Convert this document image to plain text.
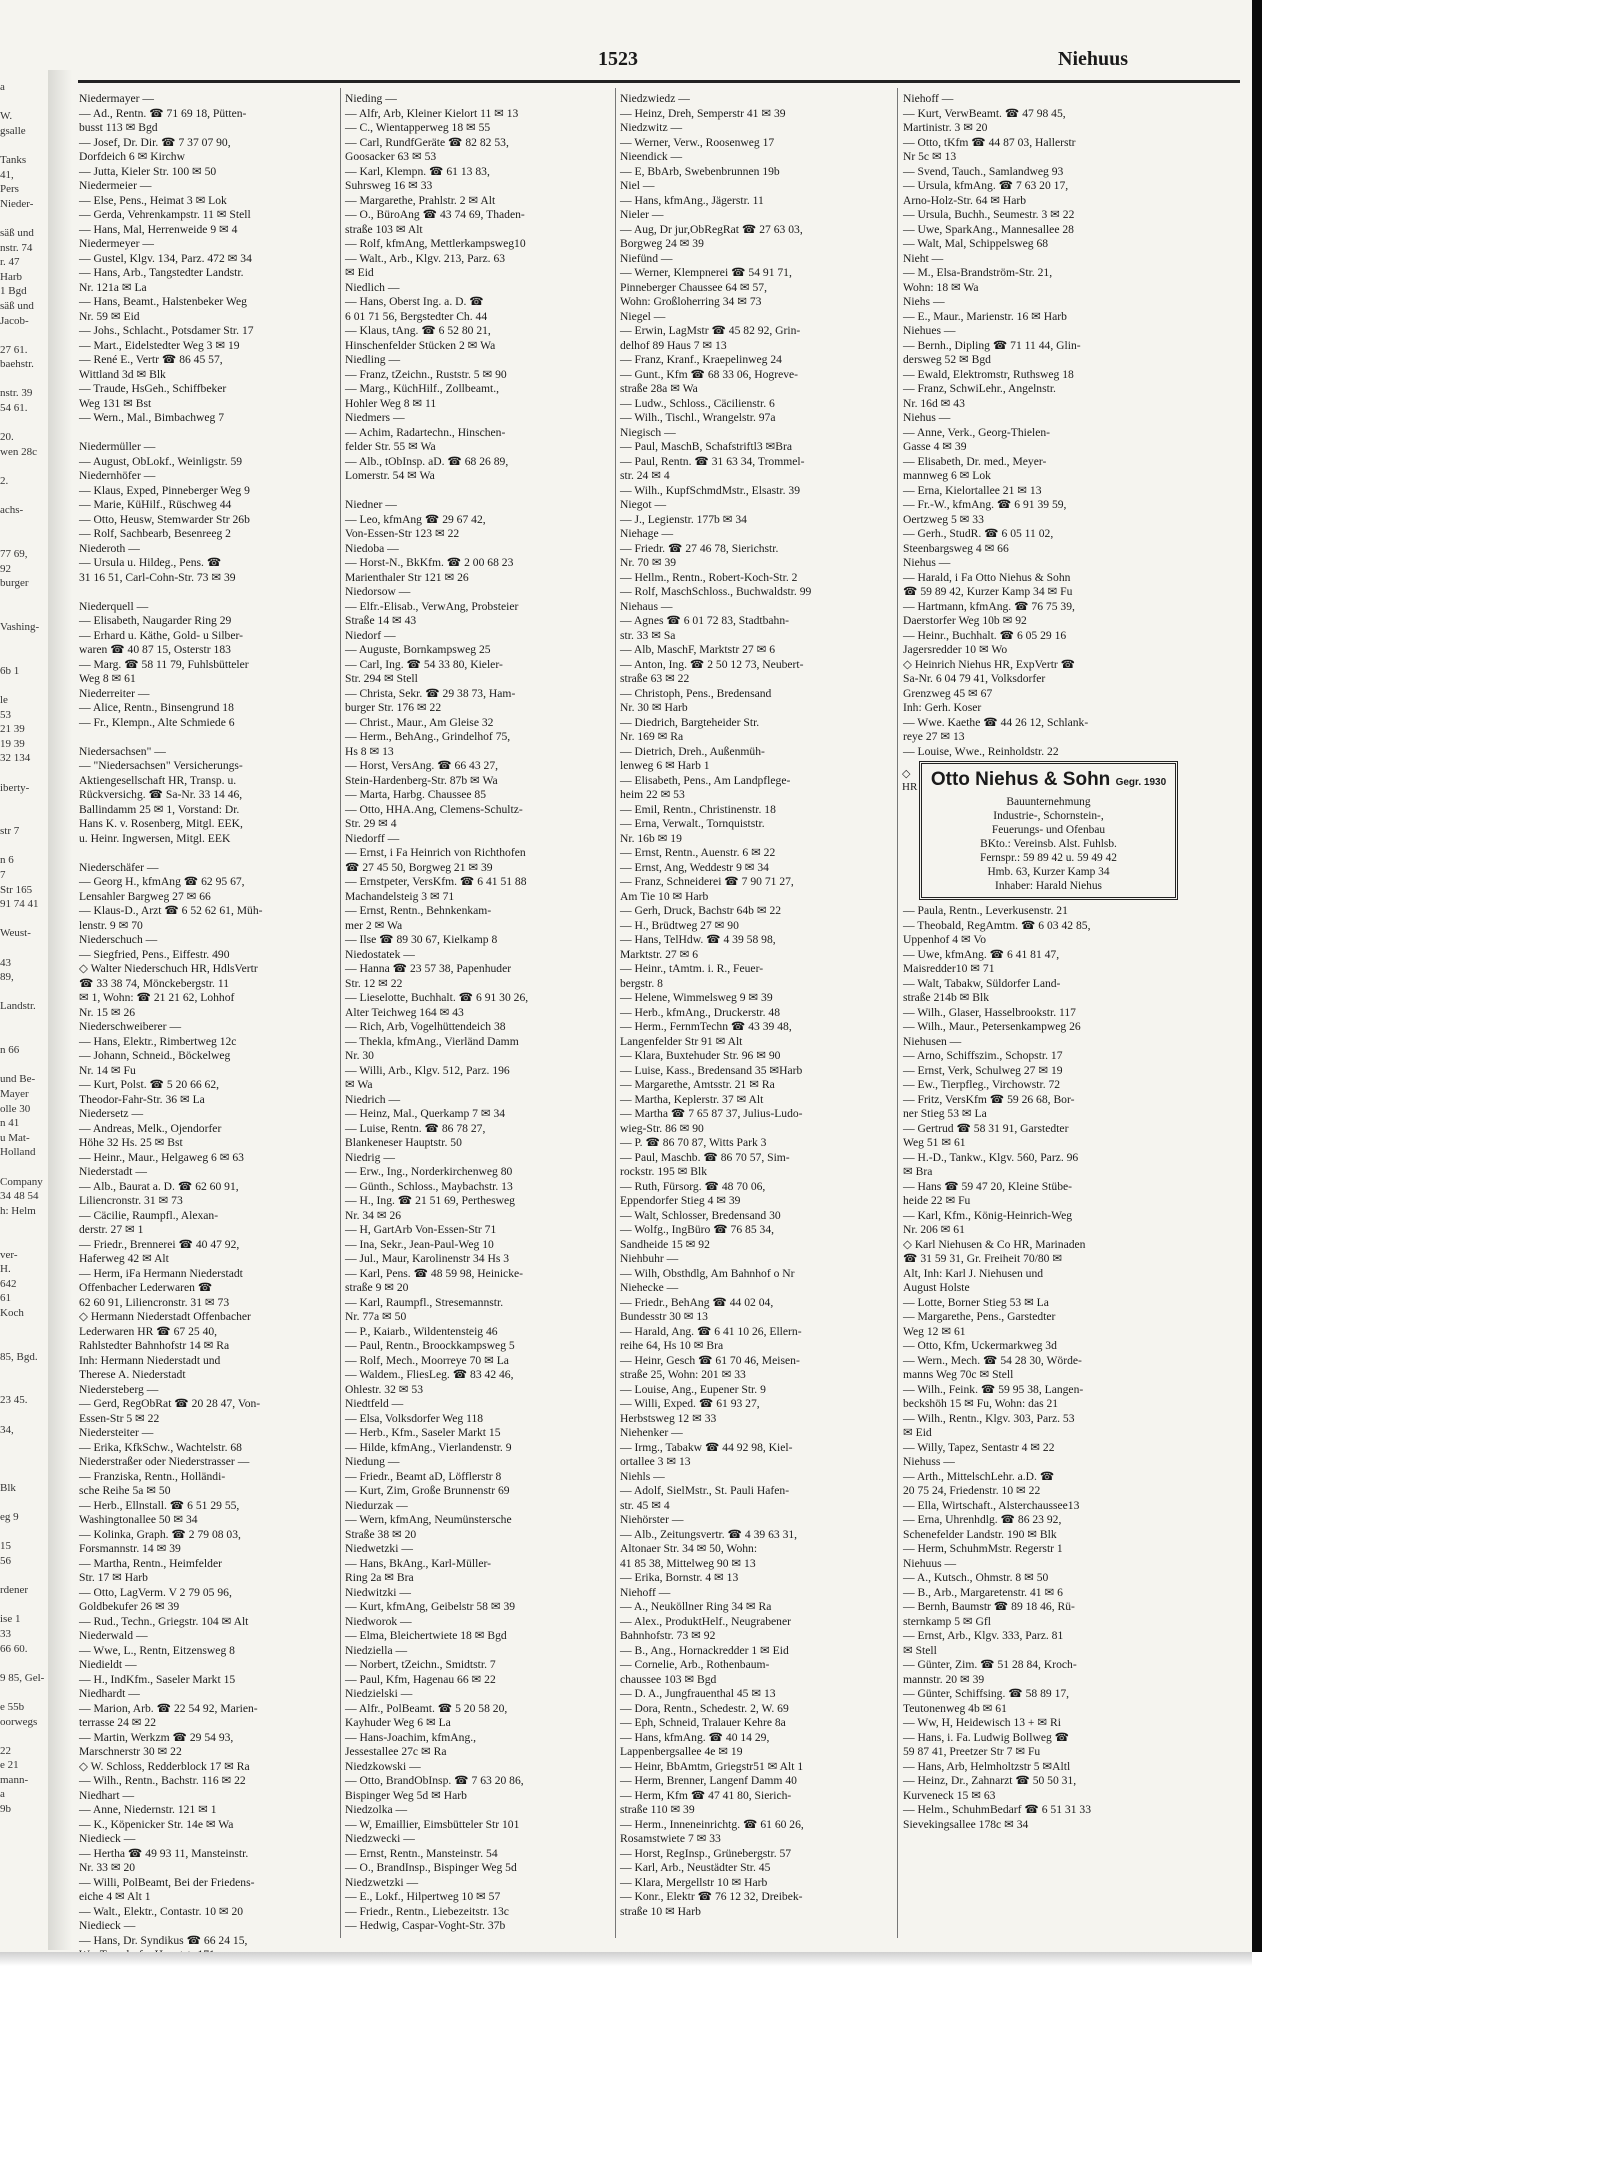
a

W.
gsalle

Tanks
41,
Pers
Nieder-

säß und
nstr. 74
r. 47
Harb
1 Bgd
säß und
Jacob-

27 61.
baehstr.

nstr. 39
54 61.

20.
wen 28c

2.

achs-

77 69,
92
burger

Vashing-

6b 1

le
53
21 39
19 39
32 134

iberty-

str 7

n 6
7
Str 165
91 74 41

Weust-

43
89,

Landstr.

n 66

und Be-
Mayer
olle 30
n 41
u Mat-
Holland

Company
34 48 54
h: Helm

ver-
H.
642
61
Koch

85, Bgd.

23 45.

34,

Blk

eg 9

15
56

rdener

ise 1
33
66 60.

9 85, Gel-

e 55b
oorwegs

22
e 21
mann-
a
9b
1523	Niehuus
Niedermayer —
— Ad., Rentn. ☎ 71 69 18, Pütten-
busst 113 ✉ Bgd
— Josef, Dr. Dir. ☎ 7 37 07 90,
Dorfdeich 6 ✉ Kirchw
— Jutta, Kieler Str. 100 ✉ 50
Niedermeier —
— Else, Pens., Heimat 3 ✉ Lok
— Gerda, Vehrenkampstr. 11 ✉ Stell
— Hans, Mal, Herrenweide 9 ✉ 4
Niedermeyer —
— Gustel, Klgv. 134, Parz. 472 ✉ 34
— Hans, Arb., Tangstedter Landstr.
Nr. 121a ✉ La
— Hans, Beamt., Halstenbeker Weg
Nr. 59 ✉ Eid
— Johs., Schlacht., Potsdamer Str. 17
— Mart., Eidelstedter Weg 3 ✉ 19
— René E., Vertr ☎ 86 45 57,
Wittland 3d ✉ Blk
— Traude, HsGeh., Schiffbeker
Weg 131 ✉ Bst
— Wern., Mal., Bimbachweg 7

Niedermüller —
— August, ObLokf., Weinligstr. 59
Niedernhöfer —
— Klaus, Exped, Pinneberger Weg 9
— Marie, KüHilf., Rüschweg 44
— Otto, Heusw, Stemwarder Str 26b
— Rolf, Sachbearb, Besenreeg 2
Niederoth —
— Ursula u. Hildeg., Pens. ☎
31 16 51, Carl-Cohn-Str. 73 ✉ 39

Niederquell —
— Elisabeth, Naugarder Ring 29
— Erhard u. Käthe, Gold- u Silber-
waren ☎ 40 87 15, Osterstr 183
— Marg. ☎ 58 11 79, Fuhlsbütteler
Weg 8 ✉ 61
Niederreiter —
— Alice, Rentn., Binsengrund 18
— Fr., Klempn., Alte Schmiede 6

Niedersachsen" —
— "Niedersachsen" Versicherungs-
Aktiengesellschaft HR, Transp. u.
Rückversichg. ☎ Sa-Nr. 33 14 46,
Ballindamm 25 ✉ 1, Vorstand: Dr.
Hans K. v. Rosenberg, Mitgl. EEK,
u. Heinr. Ingwersen, Mitgl. EEK

Niederschäfer —
— Georg H., kfmAng ☎ 62 95 67,
Lensahler Bargweg 27 ✉ 66
— Klaus-D., Arzt ☎ 6 52 62 61, Müh-
lenstr. 9 ✉ 70
Niederschuch —
— Siegfried, Pens., Eiffestr. 490
◇ Walter Niederschuch HR, HdlsVertr
☎ 33 38 74, Mönckebergstr. 11
✉ 1, Wohn: ☎ 21 21 62, Lohhof
Nr. 15 ✉ 26
Niederschweiberer —
— Hans, Elektr., Rimbertweg 12c
— Johann, Schneid., Böckelweg
Nr. 14 ✉ Fu
— Kurt, Polst. ☎ 5 20 66 62,
Theodor-Fahr-Str. 36 ✉ La
Niedersetz —
— Andreas, Melk., Ojendorfer
Höhe 32 Hs. 25 ✉ Bst
— Heinr., Maur., Helgaweg 6 ✉ 63
Niederstadt —
— Alb., Baurat a. D. ☎ 62 60 91,
Liliencronstr. 31 ✉ 73
— Cäcilie, Raumpfl., Alexan-
derstr. 27 ✉ 1
— Friedr., Brennerei ☎ 40 47 92,
Haferweg 42 ✉ Alt
— Herm, iFa Hermann Niederstadt
Offenbacher Lederwaren ☎
62 60 91, Liliencronstr. 31 ✉ 73
◇ Hermann Niederstadt Offenbacher
Lederwaren HR ☎ 67 25 40,
Rahlstedter Bahnhofstr 14 ✉ Ra
Inh: Hermann Niederstadt und
Therese A. Niederstadt
Niedersteberg —
— Gerd, RegObRat ☎ 20 28 47, Von-
Essen-Str 5 ✉ 22
Niedersteiter —
— Erika, KfkSchw., Wachtelstr. 68
Niederstraßer oder Niederstrasser —
— Franziska, Rentn., Holländi-
sche Reihe 5a ✉ 50
— Herb., Ellnstall. ☎ 6 51 29 55,
Washingtonallee 50 ✉ 34
— Kolinka, Graph. ☎ 2 79 08 03,
Forsmannstr. 14 ✉ 39
— Martha, Rentn., Heimfelder
Str. 17 ✉ Harb
— Otto, LagVerm. V 2 79 05 96,
Goldbekufer 26 ✉ 39
— Rud., Techn., Griegstr. 104 ✉ Alt
Niederwald —
— Wwe, L., Rentn, Eitzensweg 8
Niedieldt —
— H., IndKfm., Saseler Markt 15
Niedhardt —
— Marion, Arb. ☎ 22 54 92, Marien-
terrasse 24 ✉ 22
— Martin, Werkzm ☎ 29 54 93,
Marschnerstr 30 ✉ 22
◇ W. Schloss, Redderblock 17 ✉ Ra
— Wilh., Rentn., Bachstr. 116 ✉ 22
Niedhart —
— Anne, Niedernstr. 121 ✉ 1
— K., Köpenicker Str. 14e ✉ Wa
Niedieck —
— Hertha ☎ 49 93 11, Mansteinstr.
Nr. 33 ✉ 20
— Willi, PolBeamt, Bei der Friedens-
eiche 4 ✉ Alt 1
— Walt., Elektr., Contastr. 10 ✉ 20
Niedieck —
— Hans, Dr. Syndikus ☎ 66 24 15,
Nieding —
— Alfr, Arb, Kleiner Kielort 11 ✉ 13
— C., Wientapperweg 18 ✉ 55
— Carl, RundfGeräte ☎ 82 82 53,
Goosacker 63 ✉ 53
— Karl, Klempn. ☎ 61 13 83,
Suhrsweg 16 ✉ 33
— Margarethe, Prahlstr. 2 ✉ Alt
— O., BüroAng ☎ 43 74 69, Thaden-
straße 103 ✉ Alt
— Rolf, kfmAng, Mettlerkampsweg10
— Walt., Arb., Klgv. 213, Parz. 63
✉ Eid
Niedlich —
— Hans, Oberst Ing. a. D. ☎
6 01 71 56, Bergstedter Ch. 44
— Klaus, tAng. ☎ 6 52 80 21,
Hinschenfelder Stücken 2 ✉ Wa
Niedling —
— Franz, tZeichn., Ruststr. 5 ✉ 90
— Marg., KüchHilf., Zollbeamt.,
Hohler Weg 8 ✉ 11
Niedmers —
— Achim, Radartechn., Hinschen-
felder Str. 55 ✉ Wa
— Alb., tObInsp. aD. ☎ 68 26 89,
Lomerstr. 54 ✉ Wa

Niedner —
— Leo, kfmAng ☎ 29 67 42,
Von-Essen-Str 123 ✉ 22
Niedoba —
— Horst-N., BkKfm. ☎ 2 00 68 23
Marienthaler Str 121 ✉ 26
Niedorsow —
— Elfr.-Elisab., VerwAng, Probsteier
Straße 14 ✉ 43
Niedorf —
— Auguste, Bornkampsweg 25
— Carl, Ing. ☎ 54 33 80, Kieler-
Str. 294 ✉ Stell
— Christa, Sekr. ☎ 29 38 73, Ham-
burger Str. 176 ✉ 22
— Christ., Maur., Am Gleise 32
— Herm., BehAng., Grindelhof 75,
Hs 8 ✉ 13
— Horst, VersAng. ☎ 66 43 27,
Stein-Hardenberg-Str. 87b ✉ Wa
— Marta, Harbg. Chaussee 85
— Otto, HHA.Ang, Clemens-Schultz-
Str. 29 ✉ 4
Niedorff —
— Ernst, i Fa Heinrich von Richthofen
☎ 27 45 50, Borgweg 21 ✉ 39
— Ernstpeter, VersKfm. ☎ 6 41 51 88
Machandelsteig 3 ✉ 71
— Ernst, Rentn., Behnkenkam-
mer 2 ✉ Wa
— Ilse ☎ 89 30 67, Kielkamp 8
Niedostatek —
— Hanna ☎ 23 57 38, Papenhuder
Str. 12 ✉ 22
— Lieselotte, Buchhalt. ☎ 6 91 30 26,
Alter Teichweg 164 ✉ 43
— Rich, Arb, Vogelhüttendeich 38
— Thekla, kfmAng., Vierländ Damm
Nr. 30
— Willi, Arb., Klgv. 512, Parz. 196
✉ Wa
Niedrich —
— Heinz, Mal., Querkamp 7 ✉ 34
— Luise, Rentn. ☎ 86 78 27,
Blankeneser Hauptstr. 50
Niedrig —
— Erw., Ing., Norderkirchenweg 80
— Günth., Schloss., Maybachstr. 13
— H., Ing. ☎ 21 51 69, Pertheswеg
Nr. 34 ✉ 26
— H, GartArb Von-Essen-Str 71
— Ina, Sekr., Jean-Paul-Weg 10
— Jul., Maur, Karolinenstr 34 Hs 3
— Karl, Pens. ☎ 48 59 98, Heinicke-
straße 9 ✉ 20
— Karl, Raumpfl., Stresemannstr.
Nr. 77a ✉ 50
— P., Kaiarb., Wildentensteig 46
— Paul, Rentn., Broockkampsweg 5
— Rolf, Mech., Moorreye 70 ✉ La
— Waldem., FliesLeg. ☎ 83 42 46,
Ohlestr. 32 ✉ 53
Niedtfeld —
— Elsa, Volksdorfer Weg 118
— Herb., Kfm., Saseler Markt 15
— Hilde, kfmAng., Vierlandenstr. 9
Niedung —
— Friedr., Beamt aD, Löfflerstr 8
— Kurt, Zim, Große Brunnenstr 69
Niedurzak —
— Wern, kfmAng, Neumünstersche
Straße 38 ✉ 20
Niedwetzki —
— Hans, BkAng., Karl-Müller-
Ring 2a ✉ Bra
Niedwitzki —
— Kurt, kfmAng, Geibelstr 58 ✉ 39
Niedworok —
— Elma, Bleichertwiete 18 ✉ Bgd
Niedziella —
— Norbert, tZeichn., Smidtstr. 7
— Paul, Kfm, Hagenau 66 ✉ 22
Niedzielski —
— Alfr., PolBeamt. ☎ 5 20 58 20,
Kayhuder Weg 6 ✉ La
— Hans-Joachim, kfmAng.,
Jessestallee 27c ✉ Ra
Niedzkowski —
— Otto, BrandObInsp. ☎ 7 63 20 86,
Bispinger Weg 5d ✉ Harb
Niedzolka —
— W, Emaillier, Eimsbütteler Str 101
Niedzwecki —
— Ernst, Rentn., Mansteinstr. 54
— O., BrandInsp., Bispinger Weg 5d
Niedzwetzki —
— E., Lokf., Hilpertweg 10 ✉ 57
— Friedr., Rentn., Liebezeitstr. 13c
— Hedwig, Caspar-Voght-Str. 37b
Niedzwiedz —
— Heinz, Dreh, Semperstr 41 ✉ 39
Niedzwitz —
— Werner, Verw., Roosenweg 17
Nieendick —
— E, BbArb, Swebenbrunnen 19b
Niel —
— Hans, kfmAng., Jägerstr. 11
Nieler —
— Aug, Dr jur,ObRegRat ☎ 27 63 03,
Borgweg 24 ✉ 39
Niefünd —
— Werner, Klempnerei ☎ 54 91 71,
Pinneberger Chaussee 64 ✉ 57,
Wohn: Großloherring 34 ✉ 73
Niegel —
— Erwin, LagMstr ☎ 45 82 92, Grin-
delhof 89 Haus 7 ✉ 13
— Franz, Kranf., Kraepelinweg 24
— Gunt., Kfm ☎ 68 33 06, Hogreve-
straße 28a ✉ Wa
— Ludw., Schloss., Cäcilienstr. 6
— Wilh., Tischl., Wrangelstr. 97a
Niegisch —
— Paul, MaschB, Schafstriftl3 ✉Bra
— Paul, Rentn. ☎ 31 63 34, Trommel-
str. 24 ✉ 4
— Wilh., KupfSchmdMstr., Elsastr. 39
Niegot —
— J., Legienstr. 177b ✉ 34
Niehage —
— Friedr. ☎ 27 46 78, Sierichstr.
Nr. 70 ✉ 39
— Hellm., Rentn., Robert-Koch-Str. 2
— Rolf, MaschSchloss., Buchwaldstr. 99
Niehaus —
— Agnes ☎ 6 01 72 83, Stadtbahn-
str. 33 ✉ Sa
— Alb, MaschF, Marktstr 27 ✉ 6
— Anton, Ing. ☎ 2 50 12 73, Neubert-
straße 63 ✉ 22
— Christoph, Pens., Bredensand
Nr. 30 ✉ Harb
— Diedrich, Bargteheider Str.
Nr. 169 ✉ Ra
— Dietrich, Dreh., Außenmüh-
lenweg 6 ✉ Harb 1
— Elisabeth, Pens., Am Landpflege-
heim 22 ✉ 53
— Emil, Rentn., Christinenstr. 18
— Erna, Verwalt., Tornquiststr.
Nr. 16b ✉ 19
— Ernst, Rentn., Auenstr. 6 ✉ 22
— Ernst, Ang, Weddestr 9 ✉ 34
— Franz, Schneiderei ☎ 7 90 71 27,
Am Tie 10 ✉ Harb
— Gerh, Druck, Bachstr 64b ✉ 22
— H., Brüdtweg 27 ✉ 90
— Hans, TelHdw. ☎ 4 39 58 98,
Marktstr. 27 ✉ 6
— Heinr., tAmtm. i. R., Feuer-
bergstr. 8
— Helene, Wimmelsweg 9 ✉ 39
— Herb., kfmAng., Druckerstr. 48
— Herm., FernmTechn ☎ 43 39 48,
Langenfelder Str 91 ✉ Alt
— Klara, Buxtehuder Str. 96 ✉ 90
— Luise, Kass., Bredensand 35 ✉Harb
— Margarethe, Amtsstr. 21 ✉ Ra
— Martha, Keplerstr. 37 ✉ Alt
— Martha ☎ 7 65 87 37, Julius-Ludo-
wieg-Str. 86 ✉ 90
— P. ☎ 86 70 87, Witts Park 3
— Paul, Maschb. ☎ 86 70 57, Sim-
rockstr. 195 ✉ Blk
— Ruth, Fürsorg. ☎ 48 70 06,
Eppendorfer Stieg 4 ✉ 39
— Walt, Schlosser, Bredensand 30
— Wolfg., IngBüro ☎ 76 85 34,
Sandheide 15 ✉ 92
Niehbuhr —
— Wilh, Obsthdlg, Am Bahnhof o Nr
Niehecke —
— Friedr., BehAng ☎ 44 02 04,
Bundesstr 30 ✉ 13
— Harald, Ang. ☎ 6 41 10 26, Ellern-
reihe 64, Hs 10 ✉ Bra
— Heinr, Gesch ☎ 61 70 46, Meisen-
straße 25, Wohn: 201 ✉ 33
— Louise, Ang., Eupener Str. 9
— Willi, Exped. ☎ 61 93 27,
Herbstsweg 12 ✉ 33
Niehenker —
— Irmg., Tabakw ☎ 44 92 98, Kiel-
ortallee 3 ✉ 13
Niehls —
— Adolf, SielMstr., St. Pauli Hafen-
str. 45 ✉ 4
Niehörster —
— Alb., Zeitungsvertr. ☎ 4 39 63 31,
Altonaer Str. 34 ✉ 50, Wohn:
41 85 38, Mittelweg 90 ✉ 13
— Erika, Bornstr. 4 ✉ 13
Niehoff —
— A., Neuköllner Ring 34 ✉ Ra
— Alex., ProduktHelf., Neugrabener
Bahnhofstr. 73 ✉ 92
— B., Ang., Hornackredder 1 ✉ Eid
— Cornelie, Arb., Rothenbaum-
chaussee 103 ✉ Bgd
— D. A., Jungfrauenthal 45 ✉ 13
— Dora, Rentn., Schedestr. 2, W. 69
— Eph, Schneid, Tralauer Kehre 8a
— Hans, kfmAng. ☎ 40 14 29,
Lappenbergsallee 4e ✉ 19
— Heinr, BbAmtm, Griegstr51 ✉ Alt 1
— Herm, Brenner, Langenf Damm 40
— Herm, Kfm ☎ 47 41 80, Sierich-
straße 110 ✉ 39
— Herm., Inneneinrichtg. ☎ 61 60 26,
Rosamstwiete 7 ✉ 33
— Horst, RegInsp., Grünebergstr. 57
— Karl, Arb., Neustädter Str. 45
— Klara, Mergellstr 10 ✉ Harb
— Konr., Elektr ☎ 76 12 32, Dreibek-
straße 10 ✉ Harb
Niehoff —
— Kurt, VerwBeamt. ☎ 47 98 45,
Martinistr. 3 ✉ 20
— Otto, tKfm ☎ 44 87 03, Hallerstr
Nr 5c ✉ 13
— Svend, Tauch., Samlandweg 93
— Ursula, kfmAng. ☎ 7 63 20 17,
Arno-Holz-Str. 64 ✉ Harb
— Ursula, Buchh., Seumestr. 3 ✉ 22
— Uwe, SparkAng., Mannesallee 28
— Walt, Mal, Schippelsweg 68
Nieht —
— M., Elsa-Brandström-Str. 21,
Wohn: 18 ✉ Wa
Niehs —
— E., Maur., Marienstr. 16 ✉ Harb
Niehues —
— Bernh., Dipling ☎ 71 11 44, Glin-
dersweg 52 ✉ Bgd
— Ewald, Elektromstr, Ruthsweg 18
— Franz, SchwiLehr., Angelnstr.
Nr. 16d ✉ 43
Niehus —
— Anne, Verk., Georg-Thielen-
Gasse 4 ✉ 39
— Elisabeth, Dr. med., Meyer-
mannweg 6 ✉ Lok
— Erna, Kielortallee 21 ✉ 13
— Fr.-W., kfmAng. ☎ 6 91 39 59,
Oertzweg 5 ✉ 33
— Gerh., StudR. ☎ 6 05 11 02,
Steenbargsweg 4 ✉ 66
Niehus —
— Harald, i Fa Otto Niehus & Sohn
☎ 59 89 42, Kurzer Kamp 34 ✉ Fu
— Hartmann, kfmAng. ☎ 76 75 39,
Daerstorfer Weg 10b ✉ 92
— Heinr., Buchhalt. ☎ 6 05 29 16
Jagersredder 10 ✉ Wo
◇ Heinrich Niehus HR, ExpVertr ☎
Sa-Nr. 6 04 79 41, Volksdorfer
Grenzweg 45 ✉ 67
Inh: Gerh. Koser
— Wwe. Kaethe ☎ 44 26 12, Schlank-
reye 27 ✉ 13
— Louise, Wwe., Reinholdstr. 22
◇
HR Otto Niehus & Sohn Gegr. 1930
Bauunternehmung
Industrie-, Schornstein-,
Feuerungs- und Ofenbau
BKto.: Vereinsb. Alst. Fuhlsb.
Fernspr.: 59 89 42 u. 59 49 42
Hmb. 63, Kurzer Kamp 34
Inhaber: Harald Niehus
— Paula, Rentn., Leverkusenstr. 21
— Theobald, RegAmtm. ☎ 6 03 42 85,
Uppenhof 4 ✉ Vo
— Uwe, kfmAng. ☎ 6 41 81 47,
Maisredder10 ✉ 71
— Walt, Tabakw, Süldorfer Land-
straße 214b ✉ Blk
— Wilh., Glaser, Hasselbrookstr. 117
— Wilh., Maur., Petersenkampweg 26
Niehusen —
— Arno, Schiffszim., Schopstr. 17
— Ernst, Verk, Schulweg 27 ✉ 19
— Ew., Tierpfleg., Virchowstr. 72
— Fritz, VersKfm ☎ 59 26 68, Bor-
ner Stieg 53 ✉ La
— Gertrud ☎ 58 31 91, Garstedter
Weg 51 ✉ 61
— H.-D., Tankw., Klgv. 560, Parz. 96
✉ Bra
— Hans ☎ 59 47 20, Kleine Stübe-
heide 22 ✉ Fu
— Karl, Kfm., König-Heinrich-Weg
Nr. 206 ✉ 61
◇ Karl Niehusen & Co HR, Marinaden
☎ 31 59 31, Gr. Freiheit 70/80 ✉
Alt, Inh: Karl J. Niehusen und
August Holste
— Lotte, Borner Stieg 53 ✉ La
— Margarethe, Pens., Garstedter
Weg 12 ✉ 61
— Otto, Kfm, Uckermarkweg 3d
— Wern., Mech. ☎ 54 28 30, Wörde-
manns Weg 70c ✉ Stell
— Wilh., Feink. ☎ 59 95 38, Langen-
beckshöh 15 ✉ Fu, Wohn: das 21
— Wilh., Rentn., Klgv. 303, Parz. 53
✉ Eid
— Willy, Tapez, Sentastr 4 ✉ 22
Niehuss —
— Arth., MittelschLehr. a.D. ☎
20 75 24, Friedenstr. 10 ✉ 22
— Ella, Wirtschaft., Alsterchaussee13
— Erna, Uhrenhdlg. ☎ 86 23 92,
Schenefelder Landstr. 190 ✉ Blk
— Herm, SchuhmMstr. Regerstr 1
Niehuus —
— A., Kutsch., Ohmstr. 8 ✉ 50
— B., Arb., Margaretenstr. 41 ✉ 6
— Bernh, Baumstr ☎ 89 18 46, Rü-
sternkamp 5 ✉ Gfl
— Ernst, Arb., Klgv. 333, Parz. 81
✉ Stell
— Günter, Zim. ☎ 51 28 84, Kroch-
mannstr. 20 ✉ 39
— Günter, Schiffsing. ☎ 58 89 17,
Teutonenweg 4b ✉ 61
— Ww, H, Heidewisch 13 + ✉ Ri
— Hans, i. Fa. Ludwig Bollweg ☎
59 87 41, Preetzer Str 7 ✉ Fu
— Hans, Arb, Helmholtzstr 5 ✉Altl
— Heinz, Dr., Zahnarzt ☎ 50 50 31,
Kurveneck 15 ✉ 63
— Helm., SchuhmBedarf ☎ 6 51 31 33
Sievekingsallee 178c ✉ 34
